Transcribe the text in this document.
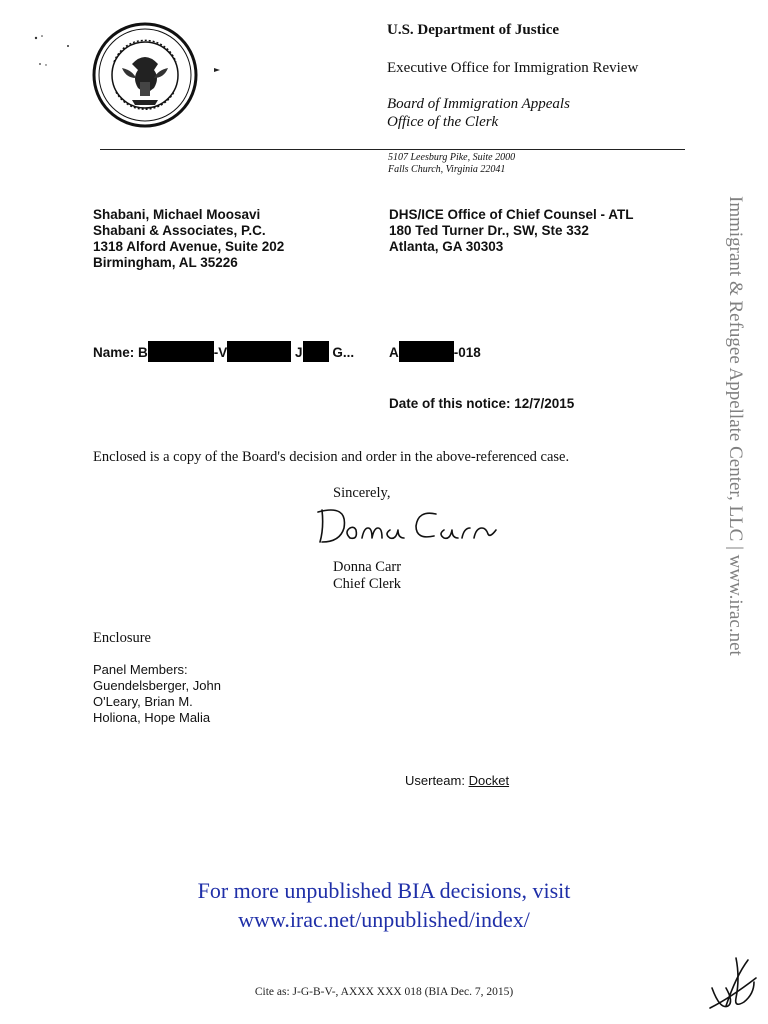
U.S. Department of Justice
Executive Office for Immigration Review
Board of Immigration Appeals
Office of the Clerk
5107 Leesburg Pike, Suite 2000
Falls Church, Virginia 22041
Shabani, Michael Moosavi
Shabani & Associates, P.C.
1318 Alford Avenue, Suite 202
Birmingham, AL 35226
DHS/ICE Office of Chief Counsel - ATL
180 Ted Turner Dr., SW, Ste 332
Atlanta, GA 30303
Name: B	-V	J G...	A	-018
Date of this notice: 12/7/2015
Enclosed is a copy of the Board's decision and order in the above-referenced case.
Sincerely,
Donna Carr
Chief Clerk
Enclosure
Panel Members:
Guendelsberger, John
O'Leary, Brian M.
Holiona, Hope Malia
Userteam: Docket
Immigrant & Refugee Appellate Center, LLC | www.irac.net
For more unpublished BIA decisions, visit
www.irac.net/unpublished/index/
Cite as: J-G-B-V-, AXXX XXX 018 (BIA Dec. 7, 2015)
